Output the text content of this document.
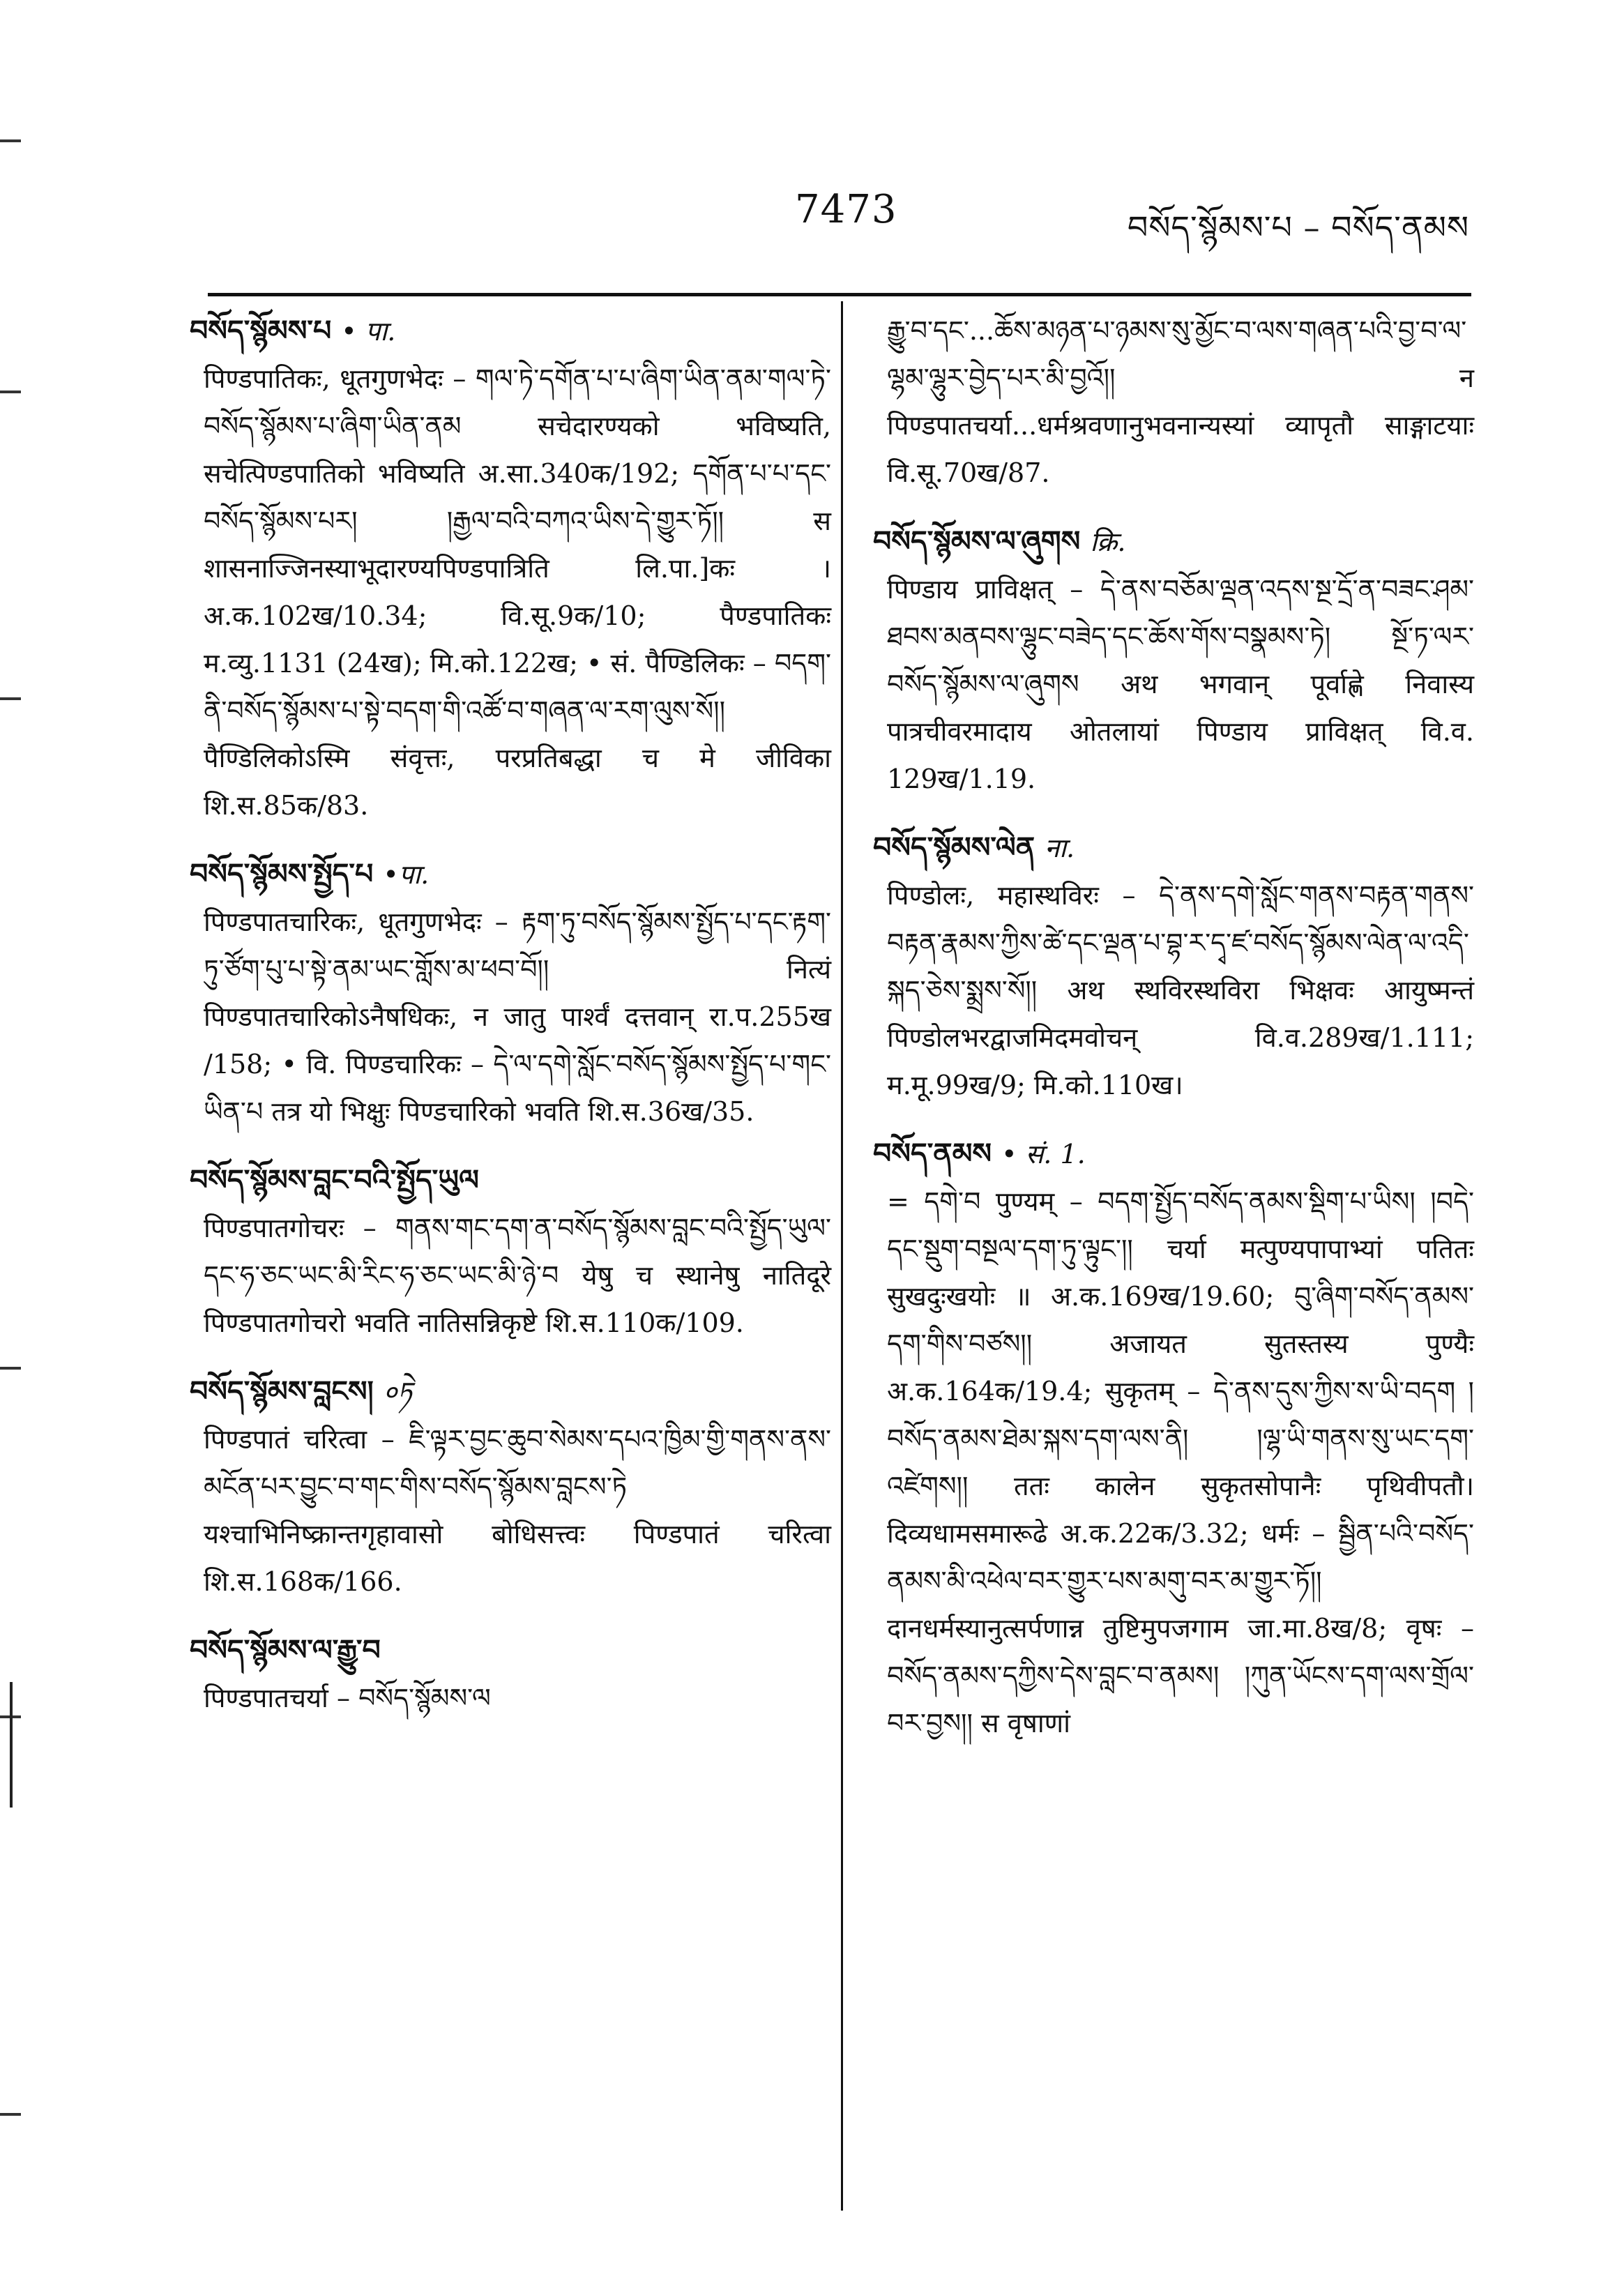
7473	བསོད་སྙོམས་པ – བསོད་ནམས
བསོད་སྙོམས་པ • पा.
पिण्डपातिकः, धूतगुणभेदः – གལ་ཏེ་དགོན་པ་པ་ཞིག་ཡིན་ནམ་གལ་ཏེ་བསོད་སྙོམས་པ་ཞིག་ཡིན་ནམ सचेदारण्यको भविष्यति, सचेत्पिण्डपातिको भविष्यति अ.सा.340क/192; དགོན་པ་པ་དང་བསོད་སྙོམས་པར། །རྒྱལ་བའི་བཀའ་ཡིས་དེ་གྱུར་ཏོ།། स शासनाज्जिनस्याभूदारण्यपिण्डपात्रिति लि.पा.]कः । अ.क.102ख/10.34; वि.सू.9क/10; पैण्डपातिकः म.व्यु.1131 (24ख); मि.को.122ख; • सं. पैण्डिलिकः – བདག་ནི་བསོད་སྙོམས་པ་སྟེ་བདག་གི་འཚོ་བ་གཞན་ལ་རག་ལུས་སོ།། पैण्डिलिकोऽस्मि संवृत्तः, परप्रतिबद्धा च मे जीविका शि.स.85क/83.
བསོད་སྙོམས་སྤྱོད་པ •पा.
पिण्डपातचारिकः, धूतगुणभेदः – རྟག་ཏུ་བསོད་སྙོམས་སྤྱོད་པ་དང་རྟག་ཏུ་ཙོག་པུ་པ་སྟེ་ནམ་ཡང་གློས་མ་ཕབ་བོ།། नित्यं पिण्डपातचारिकोऽनैषधिकः, न जातु पार्श्वं दत्तवान् रा.प.255ख /158; • वि. पिण्डचारिकः – དེ་ལ་དགེ་སློང་བསོད་སྙོམས་སྤྱོད་པ་གང་ཡིན་པ तत्र यो भिक्षुः पिण्डचारिको भवति शि.स.36ख/35.
བསོད་སྙོམས་བླང་བའི་སྤྱོད་ཡུལ
पिण्डपातगोचरः – གནས་གང་དག་ན་བསོད་སྙོམས་བླང་བའི་སྤྱོད་ཡུལ་དང་ཧ་ཅང་ཡང་མི་རིང་ཧ་ཅང་ཡང་མི་ཉེ་བ येषु च स्थानेषु नातिदूरे पिण्डपातगोचरो भवति नातिसन्निकृष्टे शि.स.110क/109.
བསོད་སྙོམས་བླངས། ०ཏེ
पिण्डपातं चरित्वा – ཇི་ལྟར་བྱང་ཆུབ་སེམས་དཔའ་ཁྱིམ་གྱི་གནས་ནས་མངོན་པར་བྱུང་བ་གང་གིས་བསོད་སྙོམས་བླངས་ཏེ यश्चाभिनिष्क्रान्तगृहावासो बोधिसत्त्वः पिण्डपातं चरित्वा शि.स.168क/166.
བསོད་སྙོམས་ལ་རྒྱུ་བ
पिण्डपातचर्या – བསོད་སྙོམས་ལ
རྒྱུ་བ་དང་...ཆོས་མཉན་པ་ཉམས་སུ་མྱོང་བ་ལས་གཞན་པའི་བྱ་བ་ལ་ལྷམ་ལྷུར་བྱེད་པར་མི་བྱའོ།། न पिण्डपातचर्या...धर्मश्रवणानुभवनान्यस्यां व्यापृतौ साङ्गाटयाः वि.सू.70ख/87.
བསོད་སྙོམས་ལ་ཞུགས क्रि.
पिण्डाय प्राविक्षत् – དེ་ནས་བཅོམ་ལྡན་འདས་སྔ་དྲོ་ན་བཟང་ཤམ་ཐབས་མནབས་ལྷུང་བཟེད་དང་ཆོས་གོས་བསྣམས་ཏེ། སྔོ་ཏ་ལར་བསོད་སྙོམས་ལ་ཞུགས अथ भगवान् पूर्वाह्णे निवास्य पात्रचीवरमादाय ओतलायां पिण्डाय प्राविक्षत् वि.व. 129ख/1.19.
བསོད་སྙོམས་ལེན ना.
पिण्डोलः, महास्थविरः – དེ་ནས་དགེ་སློང་གནས་བརྟན་གནས་བརྟན་རྣམས་ཀྱིས་ཚེ་དང་ལྡན་པ་བྷ་ར་དྭ་ཛ་བསོད་སྙོམས་ལེན་ལ་འདི་སྐད་ཅེས་སྨྲས་སོ།། अथ स्थविरस्थविरा भिक्षवः आयुष्मन्तं पिण्डोलभरद्वाजमिदमवोचन् वि.व.289ख/1.111; म.मू.99ख/9; मि.को.110ख।
བསོད་ནམས • सं. 1.
= དགེ་བ पुण्यम् – བདག་སྤྱོད་བསོད་ནམས་སྡིག་པ་ཡིས། །བདེ་དང་སྡུག་བསྔལ་དག་ཏུ་ལྟུང་།། चर्या मत्पुण्यपापाभ्यां पतितः सुखदुःखयोः ॥ अ.क.169ख/19.60; བུ་ཞིག་བསོད་ནམས་དག་གིས་བཙས།། अजायत सुतस्तस्य पुण्यैः अ.क.164क/19.4; सुकृतम् – དེ་ནས་དུས་ཀྱིས་ས་ཡི་བདག །བསོད་ནམས་ཐེམ་སྐས་དག་ལས་ནི། །ལྷ་ཡི་གནས་སུ་ཡང་དག་འཛེགས།། ततः कालेन सुकृतसोपानैः पृथिवीपतौ। दिव्यधामसमारूढे अ.क.22क/3.32; धर्मः – སྦྱིན་པའི་བསོད་ནམས་མི་འཕེལ་བར་གྱུར་པས་མགུ་བར་མ་གྱུར་ཏོ།། दानधर्मस्यानुत्सर्पणान्न तुष्टिमुपजगाम जा.मा.8ख/8; वृषः – བསོད་ནམས་དཀྱིས་དེས་བླང་བ་ནམས། །ཀུན་ཡོངས་དག་ལས་གྲོལ་བར་བྱས།། स वृषाणां
